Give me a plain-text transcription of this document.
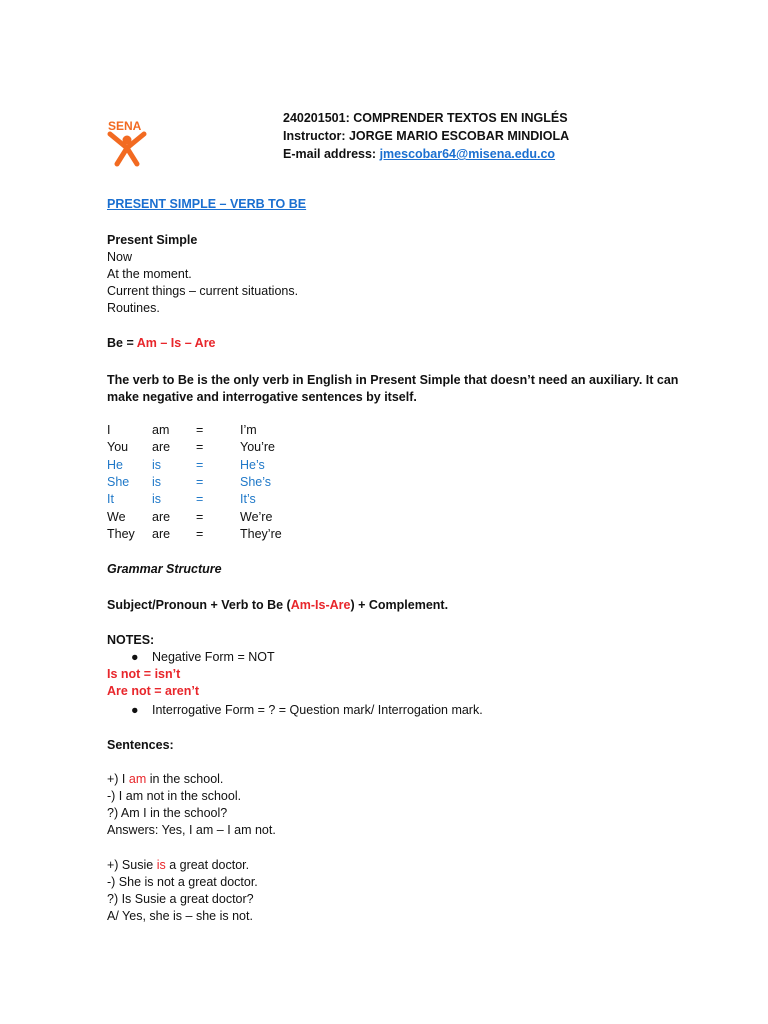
SENA
240201501: COMPRENDER TEXTOS EN INGLÉS
Instructor: JORGE MARIO ESCOBAR MINDIOLA
E-mail address: jmescobar64@misena.edu.co
PRESENT SIMPLE – VERB TO BE
Present Simple
Now
At the moment.
Current things – current situations.
Routines.
Be = Am – Is – Are
The verb to Be is the only verb in English in Present Simple that doesn’t need an auxiliary. It can
make negative and interrogative sentences by itself.
I	am =	I’m
You are =	You’re
He is	=	He’s
She is	=	She’s
It	is	=	It’s
We are =	We’re
They are =	They’re
Grammar Structure
Subject/Pronoun + Verb to Be (Am-Is-Are) + Complement.
NOTES:
● Negative Form = NOT
Is not = isn’t
Are not = aren’t
● Interrogative Form = ? = Question mark/ Interrogation mark.
Sentences:
+) I am in the school.
-) I am not in the school.
?) Am I in the school?
Answers: Yes, I am – I am not.
+) Susie is a great doctor.
-) She is not a great doctor.
?) Is Susie a great doctor?
A/ Yes, she is – she is not.
